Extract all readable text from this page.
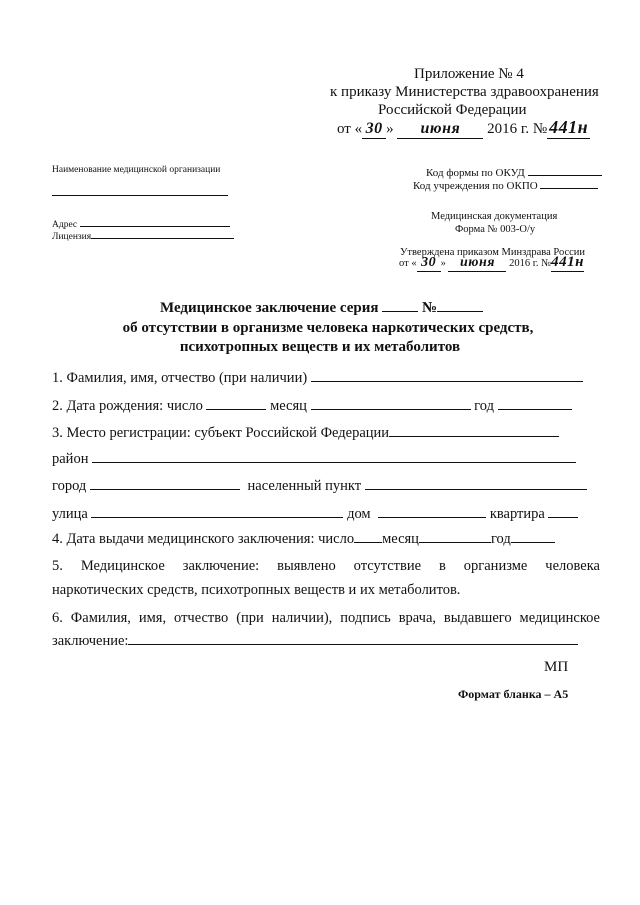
Приложение № 4
к приказу Министерства здравоохранения
Российской Федерации
от « 30 » июня 2016 г. № 441н
Наименование медицинской организации
Адрес
Лицензия
Код формы по ОКУД
Код учреждения по ОКПО
Медицинская документация
Форма № 003-О/у
Утверждена приказом Минздрава России
от « 30 » июня 2016 г. №441н
Медицинское заключение серия	№
об отсутствии в организме человека наркотических средств,
психотропных веществ и их метаболитов
1. Фамилия, имя, отчество (при наличии)
2. Дата рождения: число	месяц	год
3. Место регистрации: субъект Российской Федерации
район
город	населенный пункт
улица	дом	квартира
4. Дата выдачи медицинского заключения: число месяц	год
5. Медицинское заключение: выявлено отсутствие в организме человека
наркотических средств, психотропных веществ и их метаболитов.
6. Фамилия, имя, отчество (при наличии), подпись врача, выдавшего медицинское
заключение:
МП
Формат бланка – А5
